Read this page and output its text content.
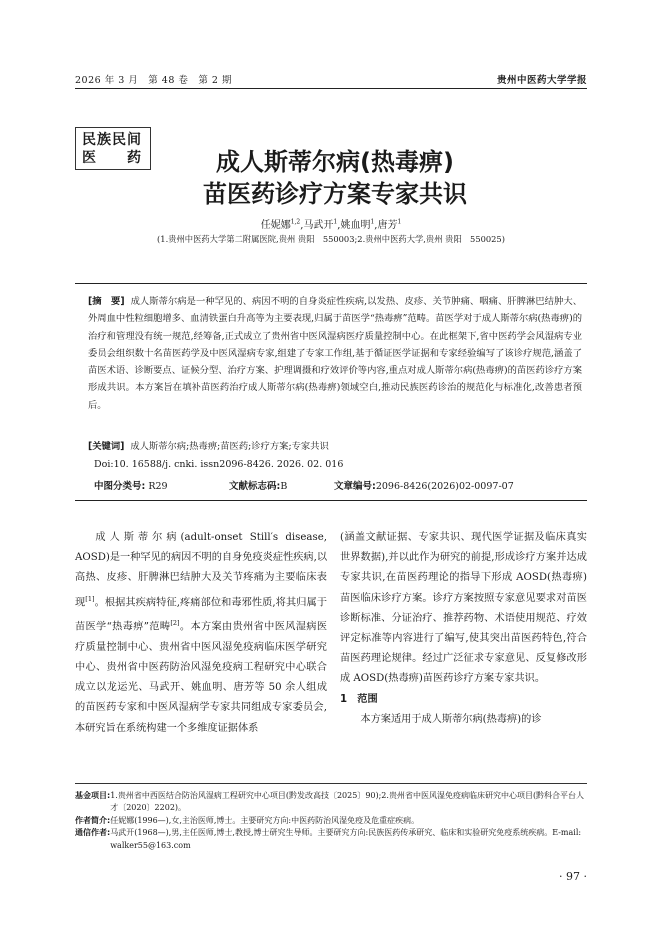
2026 年 3 月　第 48 卷　第 2 期	贵州中医药大学学报
民族民间
医　　药	成人斯蒂尔病(热毒痹)
苗医药诊疗方案专家共识
任妮娜$^{1,2}$,马武开$^1$,姚血明$^1$,唐芳$^1$
(1.贵州中医药大学第二附属医院,贵州 贵阳　550003;2.贵州中医药大学,贵州 贵阳　550025)
[摘　要] 成人斯蒂尔病是一种罕见的、病因不明的自身炎症性疾病,以发热、皮疹、关节肿痛、咽痛、肝脾淋巴结肿大、外周血中性粒细胞增多、血清铁蛋白升高等为主要表现,归属于苗医学“热毒痹”范畴。苗医学对于成人斯蒂尔病(热毒痹)的治疗和管理没有统一规范,经筹备,正式成立了贵州省中医风湿病医疗质量控制中心。在此框架下,省中医药学会风湿病专业委员会组织数十名苗医药学及中医风湿病专家,组建了专家工作组,基于循证医学证据和专家经验编写了该诊疗规范,涵盖了苗医术语、诊断要点、证候分型、治疗方案、护理调摄和疗效评价等内容,重点对成人斯蒂尔病(热毒痹)的苗医药诊疗方案形成共识。本方案旨在填补苗医药治疗成人斯蒂尔病(热毒痹)领域空白,推动民族医药诊治的规范化与标准化,改善患者预后。
[关键词] 成人斯蒂尔病;热毒痹;苗医药;诊疗方案;专家共识
Doi:10. 16588/j. cnki. issn2096-8426. 2026. 02. 016
中图分类号: R29	文献标志码:B	文章编号:2096-8426(2026)02-0097-07
成人斯蒂尔病(adult-onset Still′s disease, AOSD)是一种罕见的病因不明的自身免疫炎症性疾病,以高热、皮疹、肝脾淋巴结肿大及关节疼痛为主要临床表现[1]。根据其疾病特征,疼痛部位和毒邪性质,将其归属于苗医学“热毒痹”范畴[2]。本方案由贵州省中医风湿病医疗质量控制中心、贵州省中医风湿免疫病临床医学研究中心、贵州省中医药防治风湿免疫病工程研究中心联合成立以龙运光、马武开、姚血明、唐芳等 50 余人组成的苗医药专家和中医风湿病学专家共同组成专家委员会,本研究旨在系统构建一个多维度证据体系
(涵盖文献证据、专家共识、现代医学证据及临床真实世界数据),并以此作为研究的前提,形成诊疗方案并达成专家共识,在苗医药理论的指导下形成 AOSD(热毒痹)苗医临床诊疗方案。诊疗方案按照专家意见要求对苗医诊断标准、分证治疗、推荐药物、术语使用规范、疗效评定标准等内容进行了编写,使其突出苗医药特色,符合苗医药理论规律。经过广泛征求专家意见、反复修改形成 AOSD(热毒痹)苗医药诊疗方案专家共识。
1　范围
本方案适用于成人斯蒂尔病(热毒痹)的诊
基金项目: 1.贵州省中西医结合防治风湿病工程研究中心项目(黔发改高技〔2025〕90);2.贵州省中医风湿免疫病临床研究中心项目(黔科合平台人才〔2020〕2202)。
作者简介: 任妮娜(1996—),女,主治医师,博士。主要研究方向:中医药防治风湿免疫及危重症疾病。
通信作者: 马武开(1968—),男,主任医师,博士,教授,博士研究生导师。主要研究方向:民族医药传承研究、临床和实验研究免疫系统疾病。E-mail: walker55@163.com
· 97 ·
